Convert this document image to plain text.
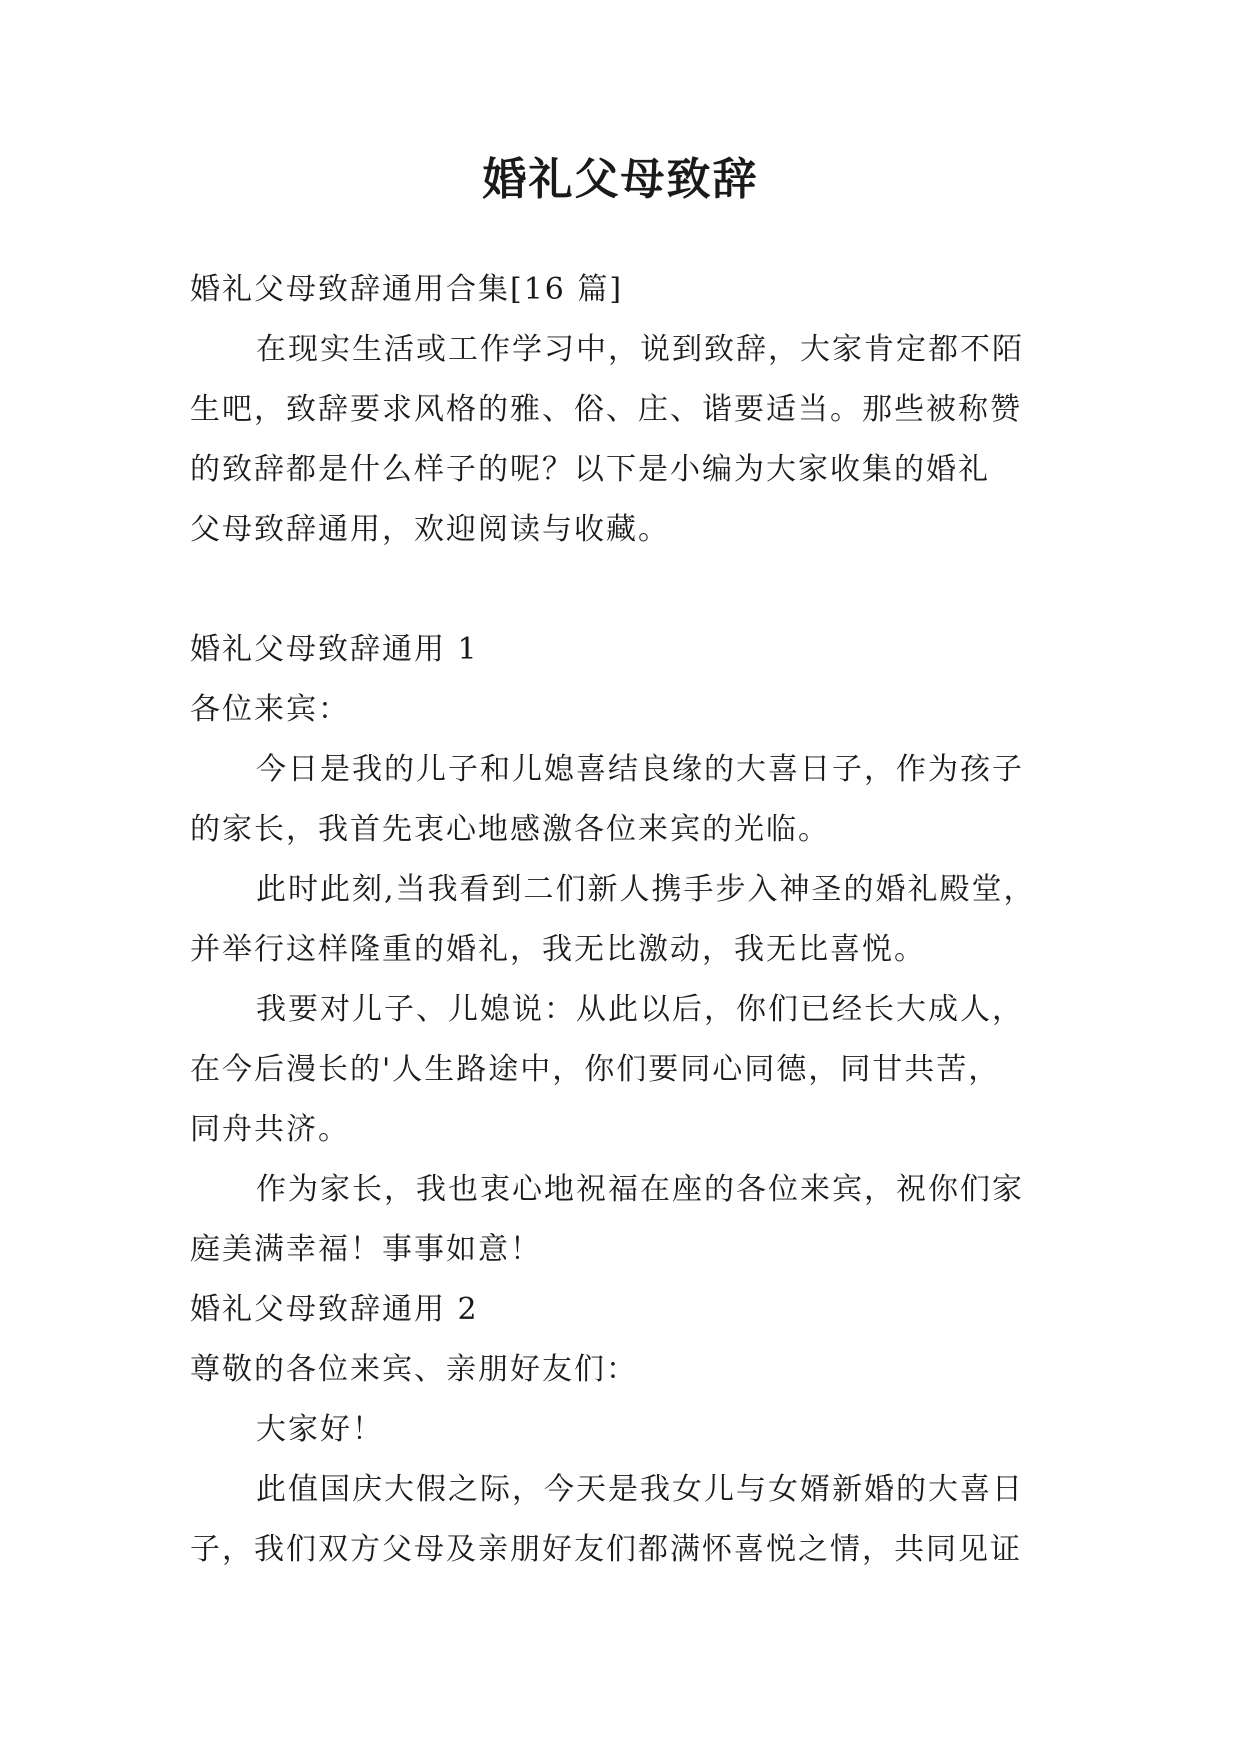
婚礼父母致辞

婚礼父母致辞通用合集[16 篇]

在现实生活或工作学习中，说到致辞，大家肯定都不陌

生吧，致辞要求风格的雅、俗、庄、谐要适当。那些被称赞

的致辞都是什么样子的呢？以下是小编为大家收集的婚礼

父母致辞通用，欢迎阅读与收藏。

婚礼父母致辞通用 1

各位来宾：

今日是我的儿子和儿媳喜结良缘的大喜日子，作为孩子

的家长，我首先衷心地感激各位来宾的光临。

此时此刻,当我看到二们新人携手步入神圣的婚礼殿堂，

并举行这样隆重的婚礼，我无比激动，我无比喜悦。

我要对儿子、儿媳说：从此以后，你们已经长大成人，

在今后漫长的'人生路途中，你们要同心同德，同甘共苦，

同舟共济。

作为家长，我也衷心地祝福在座的各位来宾，祝你们家

庭美满幸福！事事如意！

婚礼父母致辞通用 2

尊敬的各位来宾、亲朋好友们：

大家好！

此值国庆大假之际，今天是我女儿与女婿新婚的大喜日

子，我们双方父母及亲朋好友们都满怀喜悦之情，共同见证
